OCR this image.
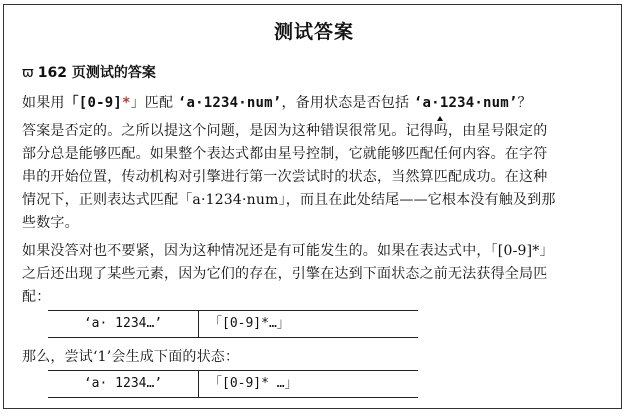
测试答案
ϖ 162 页测试的答案
如果用「[0-9]*」匹配 ‘a·1234·num’，备用状态是否包括 ‘a·1234·num’？
答案是否定的。之所以提这个问题，是因为这种错误很常见。记得吗，由星号限定的
部分总是能够匹配。如果整个表达式都由星号控制，它就能够匹配任何内容。在字符
串的开始位置，传动机构对引擎进行第一次尝试时的状态，当然算匹配成功。在这种
情况下，正则表达式匹配「a·1234·num」，而且在此处结尾——它根本没有触及到那
些数字。
如果没答对也不要紧，因为这种情况还是有可能发生的。如果在表达式中，「[0-9]*」
之后还出现了某些元素，因为它们的存在，引擎在达到下面状态之前无法获得全局匹
配：
‘a· 1234…’	「[0-9]*…」
那么，尝试‘1’会生成下面的状态：
‘a· 1234…’	「[0-9]* …」
